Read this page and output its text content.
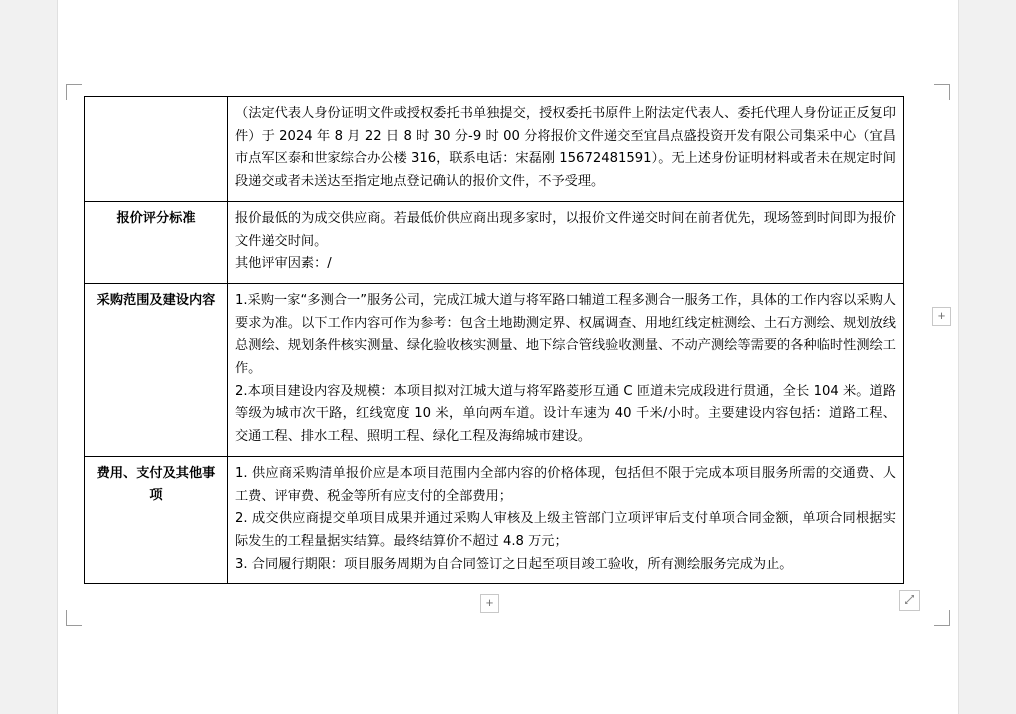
	（法定代表人身份证明文件或授权委托书单独提交，授权委托书原件上附法定代表人、委托代理人身份证正反复印件）于 2024 年 8 月 22 日 8 时 30 分-9 时 00 分将报价文件递交至宜昌点盛投资开发有限公司集采中心（宜昌市点军区泰和世家综合办公楼 316，联系电话：宋磊刚 15672481591）。无上述身份证明材料或者未在规定时间段递交或者未送达至指定地点登记确认的报价文件，不予受理。

报价评分标准	报价最低的为成交供应商。若最低价供应商出现多家时，以报价文件递交时间在前者优先，现场签到时间即为报价文件递交时间。

其他评审因素：/

采购范围及建设内容	1.采购一家“多测合一”服务公司，完成江城大道与将军路口辅道工程多测合一服务工作，具体的工作内容以采购人要求为准。以下工作内容可作为参考：包含土地勘测定界、权属调查、用地红线定桩测绘、土石方测绘、规划放线总测绘、规划条件核实测量、绿化验收核实测量、地下综合管线验收测量、不动产测绘等需要的各种临时性测绘工作。

2.本项目建设内容及规模：本项目拟对江城大道与将军路菱形互通 C 匝道未完成段进行贯通，全长 104 米。道路等级为城市次干路，红线宽度 10 米，单向两车道。设计车速为 40 千米/小时。主要建设内容包括：道路工程、交通工程、排水工程、照明工程、绿化工程及海绵城市建设。

费用、支付及其他事项	1. 供应商采购清单报价应是本项目范围内全部内容的价格体现，包括但不限于完成本项目服务所需的交通费、人工费、评审费、税金等所有应支付的全部费用；

2. 成交供应商提交单项目成果并通过采购人审核及上级主管部门立项评审后支付单项合同金额，单项合同根据实际发生的工程量据实结算。最终结算价不超过 4.8 万元；

3. 合同履行期限：项目服务周期为自合同签订之日起至项目竣工验收，所有测绘服务完成为止。

+
+
